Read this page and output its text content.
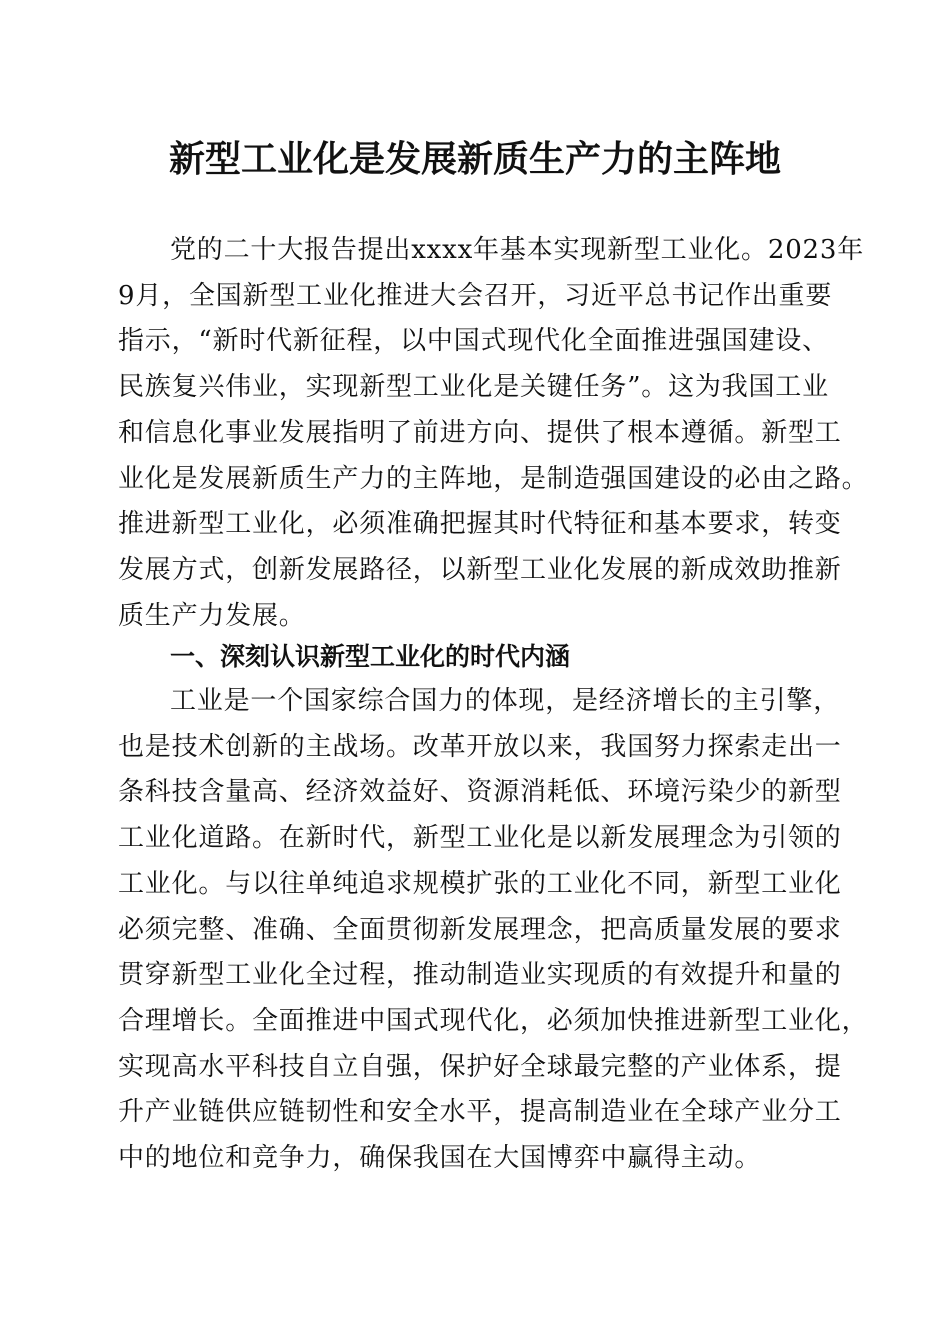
新型工业化是发展新质生产力的主阵地
党的二十大报告提出xxxx年基本实现新型工业化。2023年
9月，全国新型工业化推进大会召开，习近平总书记作出重要
指示，“新时代新征程，以中国式现代化全面推进强国建设、
民族复兴伟业，实现新型工业化是关键任务”。这为我国工业
和信息化事业发展指明了前进方向、提供了根本遵循。新型工
业化是发展新质生产力的主阵地，是制造强国建设的必由之路。
推进新型工业化，必须准确把握其时代特征和基本要求，转变
发展方式，创新发展路径，以新型工业化发展的新成效助推新
质生产力发展。
一、深刻认识新型工业化的时代内涵
工业是一个国家综合国力的体现，是经济增长的主引擎，
也是技术创新的主战场。改革开放以来，我国努力探索走出一
条科技含量高、经济效益好、资源消耗低、环境污染少的新型
工业化道路。在新时代，新型工业化是以新发展理念为引领的
工业化。与以往单纯追求规模扩张的工业化不同，新型工业化
必须完整、准确、全面贯彻新发展理念，把高质量发展的要求
贯穿新型工业化全过程，推动制造业实现质的有效提升和量的
合理增长。全面推进中国式现代化，必须加快推进新型工业化，
实现高水平科技自立自强，保护好全球最完整的产业体系，提
升产业链供应链韧性和安全水平，提高制造业在全球产业分工
中的地位和竞争力，确保我国在大国博弈中赢得主动。
